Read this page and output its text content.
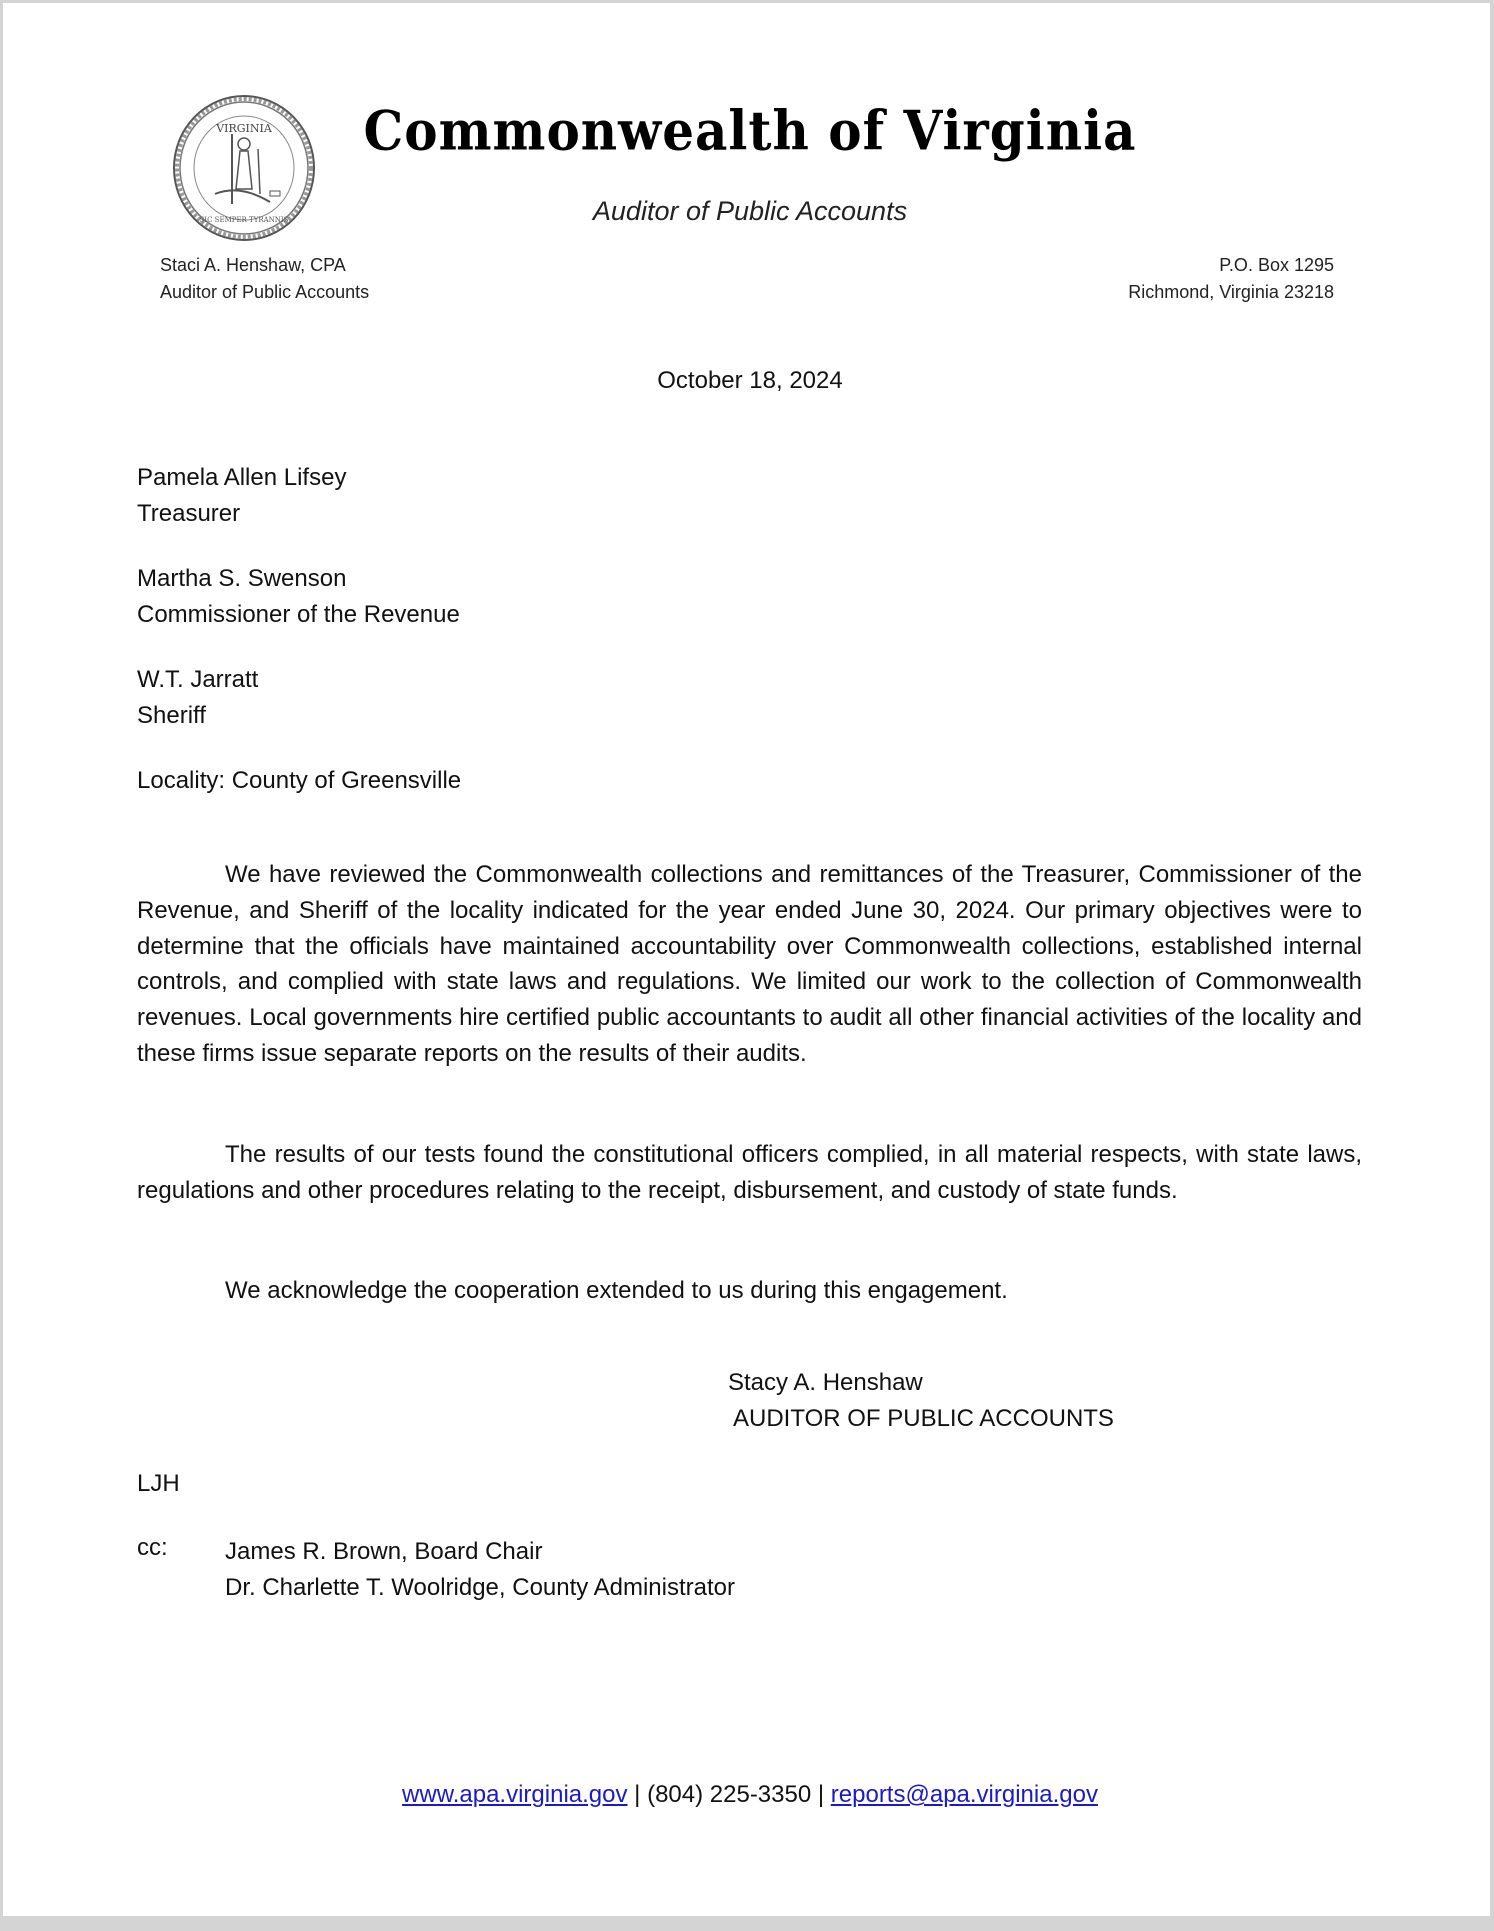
VIRGINIA
SIC SEMPER TYRANNIS
Commonwealth of Virginia
Auditor of Public Accounts
Staci A. Henshaw, CPA
Auditor of Public Accounts
P.O. Box 1295
Richmond, Virginia 23218
October 18, 2024
Pamela Allen Lifsey
Treasurer
Martha S. Swenson
Commissioner of the Revenue
W.T. Jarratt
Sheriff
Locality: County of Greensville

We have reviewed the Commonwealth collections and remittances of the Treasurer, Commissioner of the Revenue, and Sheriff of the locality indicated for the year ended June 30, 2024. Our primary objectives were to determine that the officials have maintained accountability over Commonwealth collections, established internal controls, and complied with state laws and regulations. We limited our work to the collection of Commonwealth revenues. Local governments hire certified public accountants to audit all other financial activities of the locality and these firms issue separate reports on the results of their audits.

The results of our tests found the constitutional officers complied, in all material respects, with state laws, regulations and other procedures relating to the receipt, disbursement, and custody of state funds.

We acknowledge the cooperation extended to us during this engagement.

Stacy A. Henshaw
AUDITOR OF PUBLIC ACCOUNTS
LJH
cc: James R. Brown, Board Chair
Dr. Charlette T. Woolridge, County Administrator
www.apa.virginia.gov | (804) 225-3350 | reports@apa.virginia.gov
